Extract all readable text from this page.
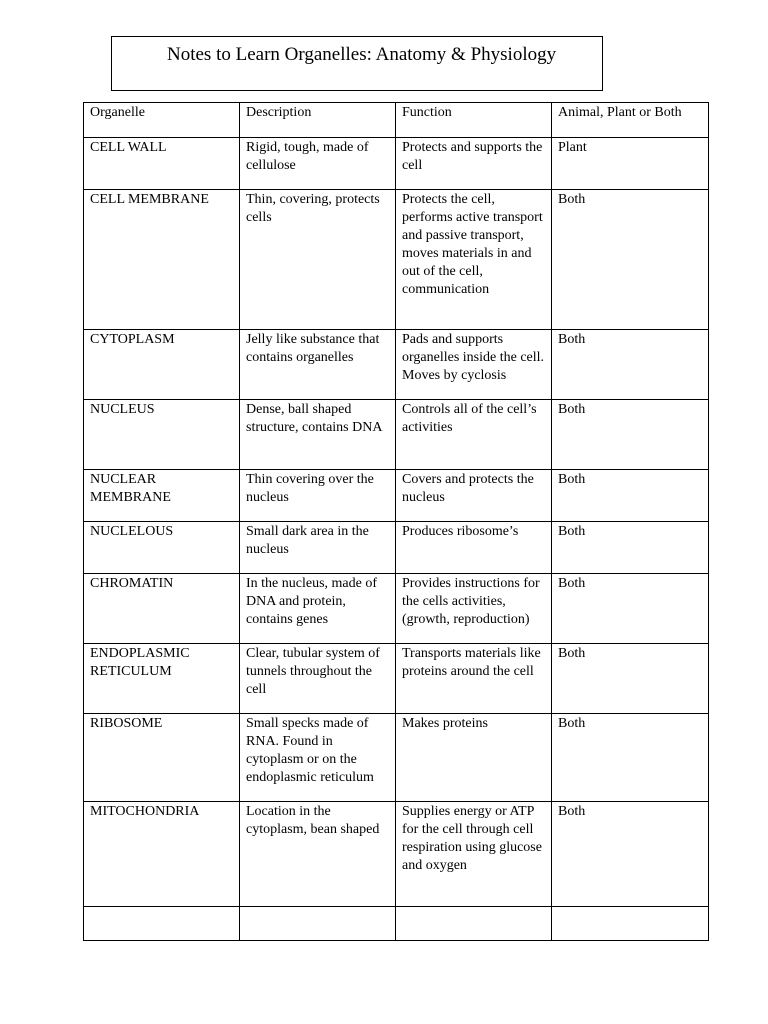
Notes to Learn Organelles: Anatomy & Physiology
Organelle	Description	Function	Animal, Plant or Both
CELL WALL	Rigid, tough, made of cellulose	Protects and supports the cell	Plant
CELL MEMBRANE	Thin, covering, protects cells	Protects the cell, performs active transport and passive transport, moves materials in and out of the cell, communication	Both
CYTOPLASM	Jelly like substance that contains organelles	Pads and supports organelles inside the cell. Moves by cyclosis	Both
NUCLEUS	Dense, ball shaped structure, contains DNA	Controls all of the cell’s activities	Both
NUCLEAR MEMBRANE	Thin covering over the nucleus	Covers and protects the nucleus	Both
NUCLELOUS	Small dark area in the nucleus	Produces ribosome’s	Both
CHROMATIN	In the nucleus, made of DNA and protein, contains genes	Provides instructions for the cells activities, (growth, reproduction)	Both
ENDOPLASMIC RETICULUM	Clear, tubular system of tunnels throughout the cell	Transports materials like proteins around the cell	Both
RIBOSOME	Small specks made of RNA. Found in cytoplasm or on the endoplasmic reticulum	Makes proteins	Both
MITOCHONDRIA	Location in the cytoplasm, bean shaped	Supplies energy or ATP for the cell through cell respiration using glucose and oxygen	Both
